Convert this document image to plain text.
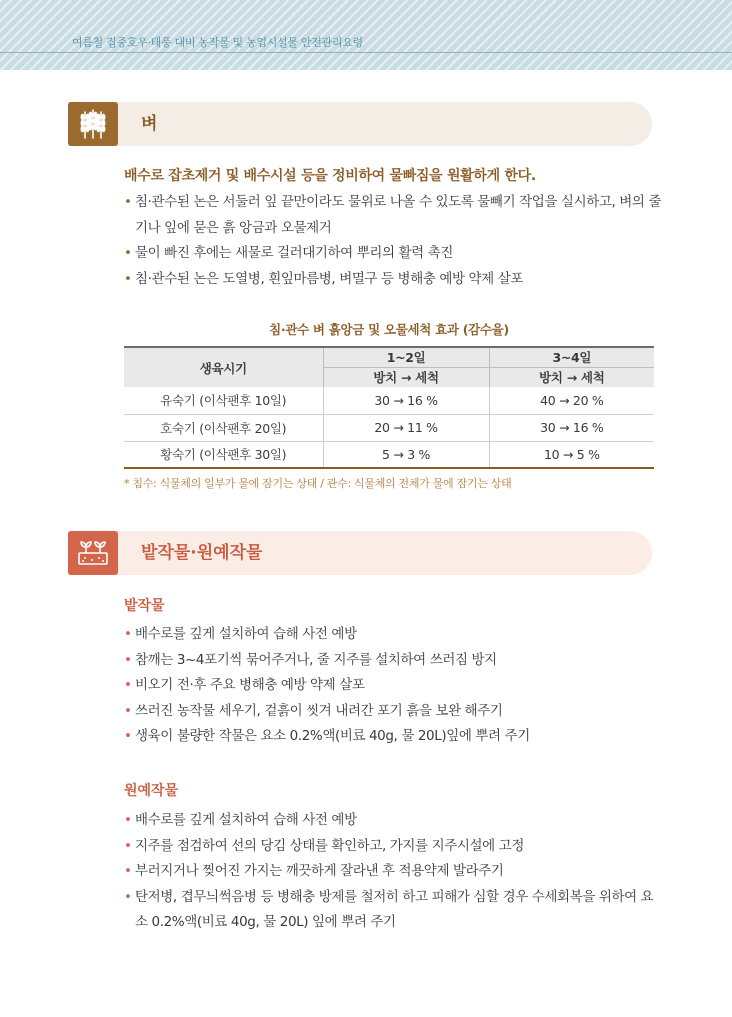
여름철 집중호우·태풍 대비 농작물 및 농업시설물 안전관리요령
벼
배수로 잡초제거 및 배수시설 등을 정비하여 물빠짐을 원활하게 한다.
• 침·관수된 논은 서둘러 잎 끝만이라도 물위로 나올 수 있도록 물빼기 작업을 실시하고, 벼의 줄기나 잎에 묻은 흙 앙금과 오물제거
• 물이 빠진 후에는 새물로 걸러대기하여 뿌리의 활력 촉진
• 침·관수된 논은 도열병, 흰잎마름병, 벼멸구 등 병해충 예방 약제 살포
침·관수 벼 흙앙금 및 오물세척 효과 (감수율)
생육시기	1~2일	3~4일
	방치 → 세척	방치 → 세척
유숙기 (이삭팬후 10일)	30 → 16 %	40 → 20 %
호숙기 (이삭팬후 20일)	20 → 11 %	30 → 16 %
황숙기 (이삭팬후 30일)	5 → 3 %	10 → 5 %
* 침수: 식물체의 일부가 물에 잠기는 상태 / 관수: 식물체의 전체가 물에 잠기는 상태
밭작물·원예작물
밭작물
• 배수로를 깊게 설치하여 습해 사전 예방
• 참깨는 3~4포기씩 묶어주거나, 줄 지주를 설치하여 쓰러짐 방지
• 비오기 전·후 주요 병해충 예방 약제 살포
• 쓰러진 농작물 세우기, 겉흙이 씻겨 내려간 포기 흙을 보완 해주기
• 생육이 불량한 작물은 요소 0.2%액(비료 40g, 물 20L)잎에 뿌려 주기
원예작물
• 배수로를 깊게 설치하여 습해 사전 예방
• 지주를 점검하여 선의 당김 상태를 확인하고, 가지를 지주시설에 고정
• 부러지거나 찢어진 가지는 깨끗하게 잘라낸 후 적용약제 발라주기
• 탄저병, 겹무늬썩음병 등 병해충 방제를 철저히 하고 피해가 심할 경우 수세회복을 위하여 요소 0.2%액(비료 40g, 물 20L) 잎에 뿌려 주기
